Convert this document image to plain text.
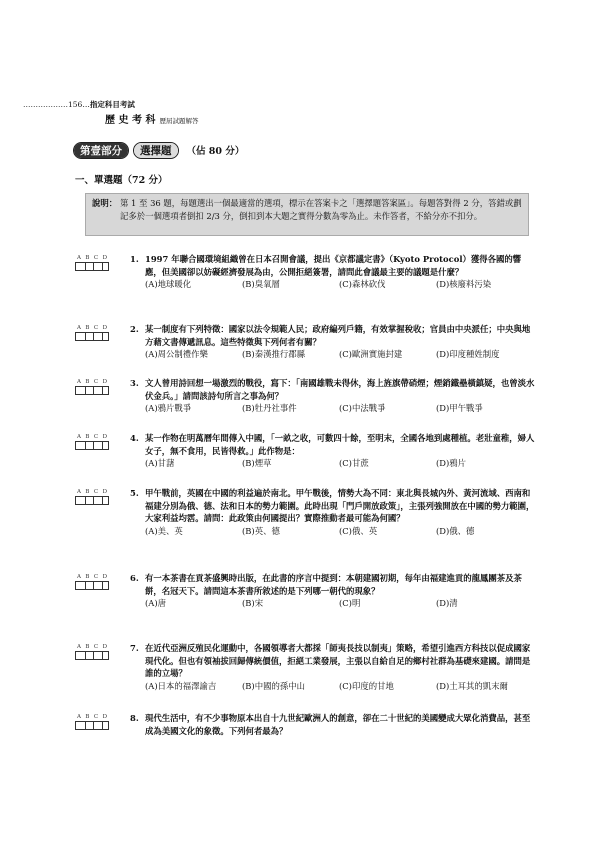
………………156…指定科目考試
歷 史 考 科 歷屆試題解答
第壹部分	選擇題	（佔 80 分）
一、單選題（72 分）
說明： 第 1 至 36 題，每題選出一個最適當的選項，標示在答案卡之「選擇題答案區」。每題答對得 2 分，答錯或劃記多於一個選項者倒扣 2/3 分，倒扣到本大題之實得分數為零為止。未作答者，不給分亦不扣分。
A B C D	1. 1997 年聯合國環境組織曾在日本召開會議，提出《京都議定書》（Kyoto Protocol）獲得各國的響應，但美國卻以妨礙經濟發展為由，公開拒絕簽署，請問此會議最主要的議題是什麼？
(A)地球暖化	(B)臭氧層	(C)森林砍伐	(D)核廢料污染
A B C D	2. 某一制度有下列特徵：國家以法令規範人民；政府編列戶籍，有效掌握稅收；官員由中央派任；中央與地方藉文書傳遞訊息。這些特徵與下列何者有關？
(A)周公制禮作樂	(B)秦漢推行郡縣	(C)歐洲實施封建	(D)印度種姓制度
A B C D	3. 文人曾用詩回想一場激烈的戰役，寫下：「南國雄戰未得休，海上旌旗帶硝煙；煙銷鐵壘橫鎮疑，也曾淡水伏金兵。」請問該詩句所言之事為何？
(A)鴉片戰爭	(B)牡丹社事件	(C)中法戰爭	(D)甲午戰爭
A B C D	4. 某一作物在明萬曆年間傳入中國，「一畝之收，可數四十餘，至明末，全國各地到處種植。老壯童稚，婦人女子，無不食用，民皆得救。」此作物是：
(A)甘藷	(B)煙草	(C)甘蔗	(D)鴉片
A B C D	5. 甲午戰前，英國在中國的利益遍於南北。甲午戰後，情勢大為不同：東北與長城內外、黃河流域、西南和福建分別為俄、德、法和日本的勢力範圍。此時出現「門戶開放政策」，主張列強開放在中國的勢力範圍，大家利益均霑。請問：此政策由何國提出？實際推動者最可能為何國？
(A)美、英	(B)英、德	(C)俄、英	(D)俄、德
A B C D	6. 有一本茶書在貢茶盛興時出版，在此書的序言中提到：本朝建國初期，每年由福建進貢的龍鳳團茶及茶餅，名冠天下。請問這本茶書所敘述的是下列哪一朝代的現象？
(A)唐	(B)宋	(C)明	(D)清
A B C D	7. 在近代亞洲反殖民化運動中，各國領導者大都採「師夷長技以制夷」策略，希望引進西方科技以促成國家現代化。但也有領袖拔回歸傳統價值，拒絕工業發展，主張以自給自足的鄉村社群為基礎來建國。請問是誰的立場？
(A)日本的福澤諭吉	(B)中國的孫中山	(C)印度的甘地	(D)土耳其的凱末爾
A B C D	8. 現代生活中，有不少事物原本出自十九世紀歐洲人的創意，卻在二十世紀的美國變成大眾化消費品，甚至成為美國文化的象徵。下列何者最為？
